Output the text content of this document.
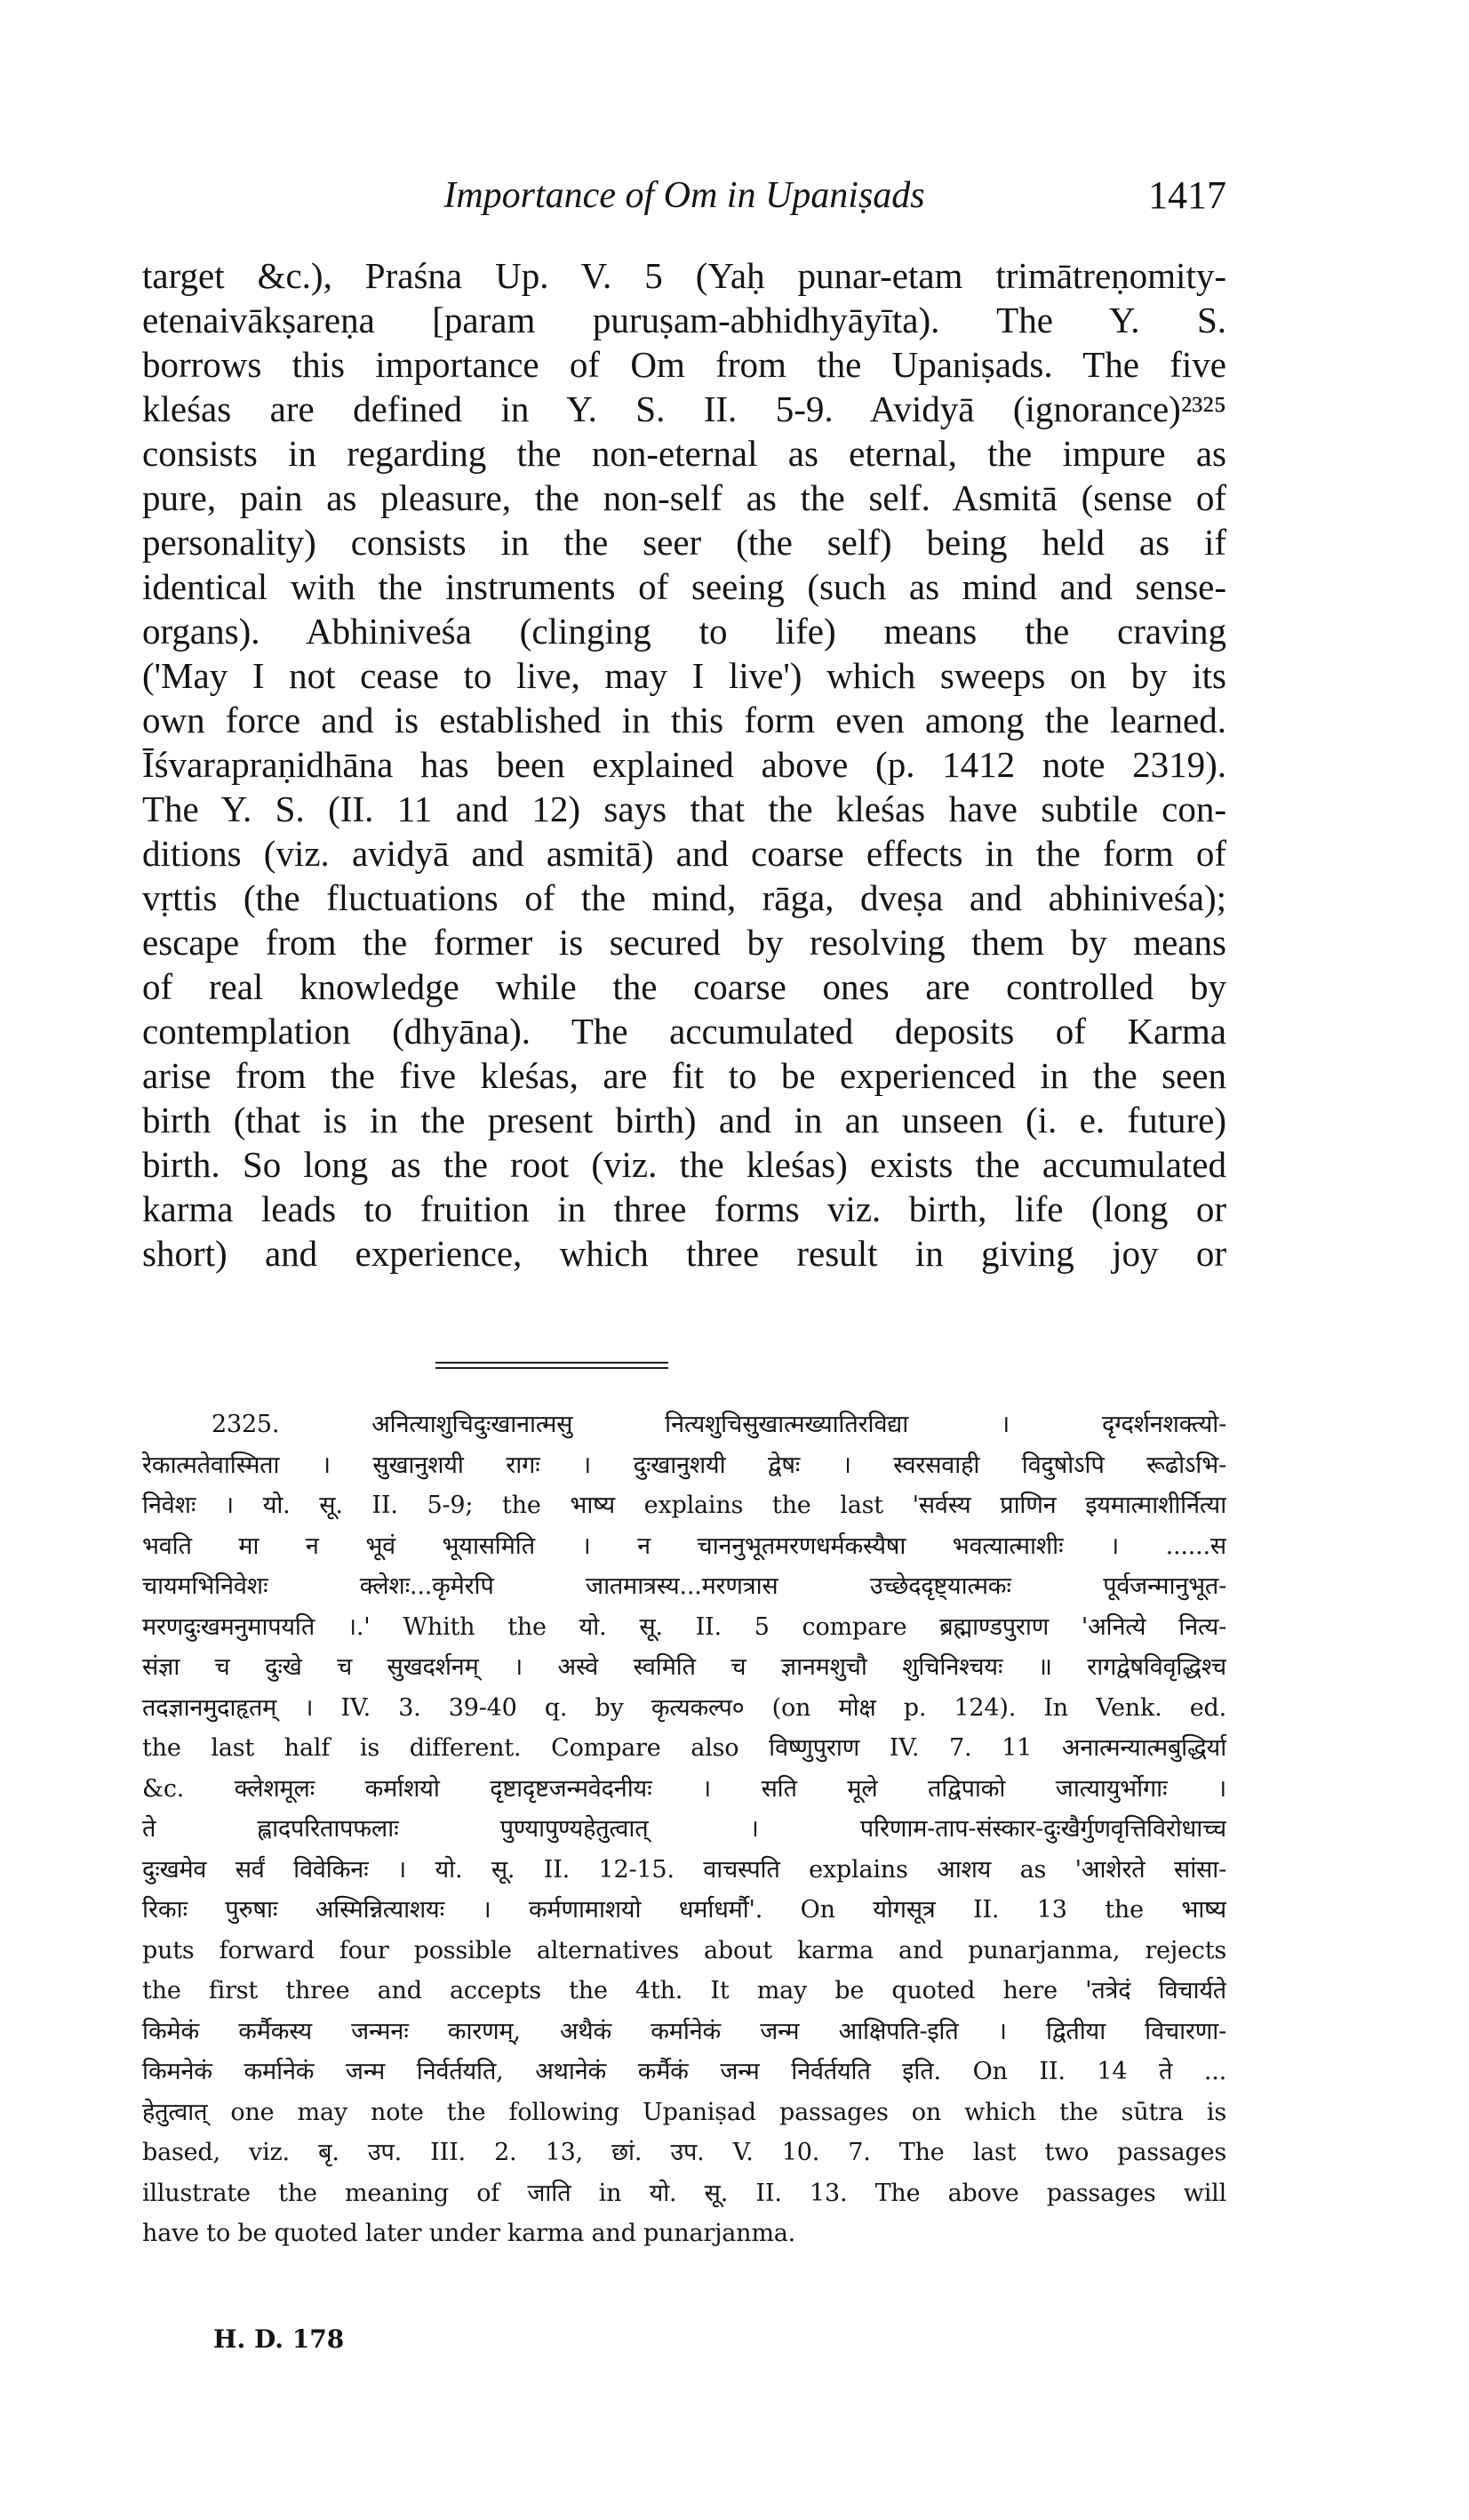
Importance of Om in Upaniṣads	1417
target &c.), Praśna Up. V. 5 (Yaḥ punar-etam trimātreṇomity-
etenaivākṣareṇa [param puruṣam-abhidhyāyīta). The Y. S.
borrows this importance of Om from the Upaniṣads. The five
kleśas are defined in Y. S. II. 5-9. Avidyā (ignorance)²³²⁵
consists in regarding the non-eternal as eternal, the impure as
pure, pain as pleasure, the non-self as the self. Asmitā (sense of
personality) consists in the seer (the self) being held as if
identical with the instruments of seeing (such as mind and sense-
organs). Abhiniveśa (clinging to life) means the craving
('May I not cease to live, may I live') which sweeps on by its
own force and is established in this form even among the learned.
Īśvarapraṇidhāna has been explained above (p. 1412 note 2319).
The Y. S. (II. 11 and 12) says that the kleśas have subtile con-
ditions (viz. avidyā and asmitā) and coarse effects in the form of
vṛttis (the fluctuations of the mind, rāga, dveṣa and abhiniveśa);
escape from the former is secured by resolving them by means
of real knowledge while the coarse ones are controlled by
contemplation (dhyāna). The accumulated deposits of Karma
arise from the five kleśas, are fit to be experienced in the seen
birth (that is in the present birth) and in an unseen (i. e. future)
birth. So long as the root (viz. the kleśas) exists the accumulated
karma leads to fruition in three forms viz. birth, life (long or
short) and experience, which three result in giving joy or
2325. अनित्याशुचिदुःखानात्मसु नित्यशुचिसुखात्मख्यातिरविद्या । दृग्दर्शनशक्त्यो-
रेकात्मतेवास्मिता । सुखानुशयी रागः । दुःखानुशयी द्वेषः । स्वरसवाही विदुषोऽपि रूढोऽभि-
निवेशः । यो. सू. II. 5-9; the भाष्य explains the last 'सर्वस्य प्राणिन इयमात्माशीर्नित्या
भवति मा न भूवं भूयासमिति । न चाननुभूतमरणधर्मकस्यैषा भवत्यात्माशीः । ......स
चायमभिनिवेशः क्लेशः...कृमेरपि जातमात्रस्य...मरणत्रास उच्छेददृष्ट्यात्मकः पूर्वजन्मानुभूत-
मरणदुःखमनुमापयति ।.' Whith the यो. सू. II. 5 compare ब्रह्माण्डपुराण 'अनित्ये नित्य-
संज्ञा च दुःखे च सुखदर्शनम् । अस्वे स्वमिति च ज्ञानमशुचौ शुचिनिश्चयः ॥ रागद्वेषविवृद्धिश्च
तदज्ञानमुदाहृतम् । IV. 3. 39-40 q. by कृत्यकल्प० (on मोक्ष p. 124). In Venk. ed.
the last half is different. Compare also विष्णुपुराण IV. 7. 11 अनात्मन्यात्मबुद्धिर्या
&c. क्लेशमूलः कर्माशयो दृष्टादृष्टजन्मवेदनीयः । सति मूले तद्विपाको जात्यायुर्भोगाः ।
ते ह्लादपरितापफलाः पुण्यापुण्यहेतुत्वात् । परिणाम-ताप-संस्कार-दुःखैर्गुणवृत्तिविरोधाच्च
दुःखमेव सर्वं विवेकिनः । यो. सू. II. 12-15. वाचस्पति explains आशय as 'आशेरते सांसा-
रिकाः पुरुषाः अस्मिन्नित्याशयः । कर्मणामाशयो धर्माधर्मौ'. On योगसूत्र II. 13 the भाष्य
puts forward four possible alternatives about karma and punarjanma, rejects
the first three and accepts the 4th. It may be quoted here 'तत्रेदं विचार्यते
किमेकं कर्मैकस्य जन्मनः कारणम्, अथैकं कर्मानेकं जन्म आक्षिपति-इति । द्वितीया विचारणा-
किमनेकं कर्मानेकं जन्म निर्वर्तयति, अथानेकं कर्मैकं जन्म निर्वर्तयति इति. On II. 14 ते ...
हेतुत्वात् one may note the following Upaniṣad passages on which the sūtra is
based, viz. बृ. उप. III. 2. 13, छां. उप. V. 10. 7. The last two passages
illustrate the meaning of जाति in यो. सू. II. 13. The above passages will
have to be quoted later under karma and punarjanma.
H. D. 178
